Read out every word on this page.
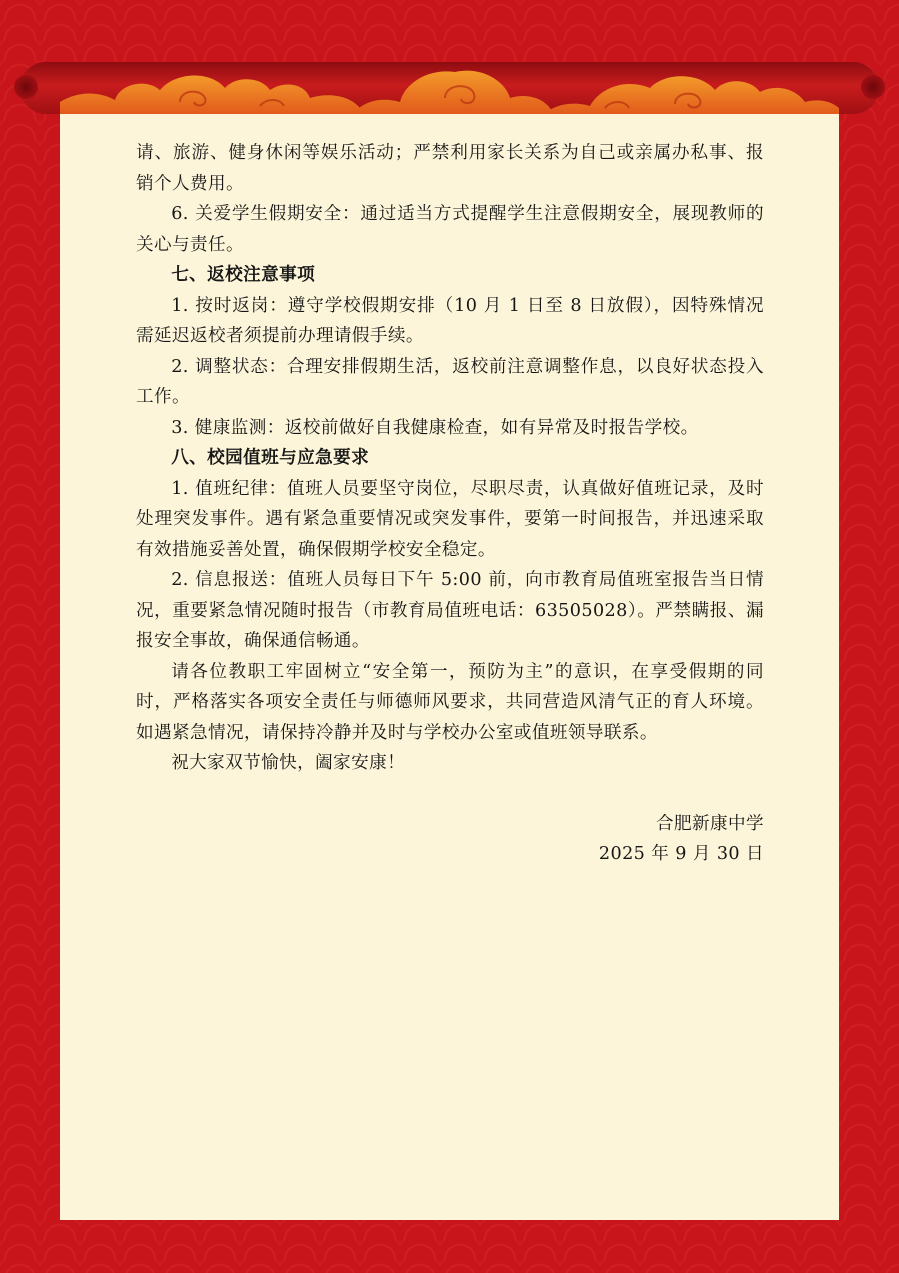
请、旅游、健身休闲等娱乐活动；严禁利用家长关系为自己或亲属办私事、报销个人费用。

6. 关爱学生假期安全：通过适当方式提醒学生注意假期安全，展现教师的关心与责任。

七、返校注意事项

1. 按时返岗：遵守学校假期安排（10 月 1 日至 8 日放假），因特殊情况需延迟返校者须提前办理请假手续。

2. 调整状态：合理安排假期生活，返校前注意调整作息，以良好状态投入工作。

3. 健康监测：返校前做好自我健康检查，如有异常及时报告学校。

八、校园值班与应急要求

1. 值班纪律：值班人员要坚守岗位，尽职尽责，认真做好值班记录，及时处理突发事件。遇有紧急重要情况或突发事件，要第一时间报告，并迅速采取有效措施妥善处置，确保假期学校安全稳定。

2. 信息报送：值班人员每日下午 5:00 前，向市教育局值班室报告当日情况，重要紧急情况随时报告（市教育局值班电话：63505028）。严禁瞒报、漏报安全事故，确保通信畅通。

请各位教职工牢固树立“安全第一，预防为主”的意识，在享受假期的同时，严格落实各项安全责任与师德师风要求，共同营造风清气正的育人环境。如遇紧急情况，请保持冷静并及时与学校办公室或值班领导联系。

祝大家双节愉快，阖家安康！

合肥新康中学

2025 年 9 月 30 日
